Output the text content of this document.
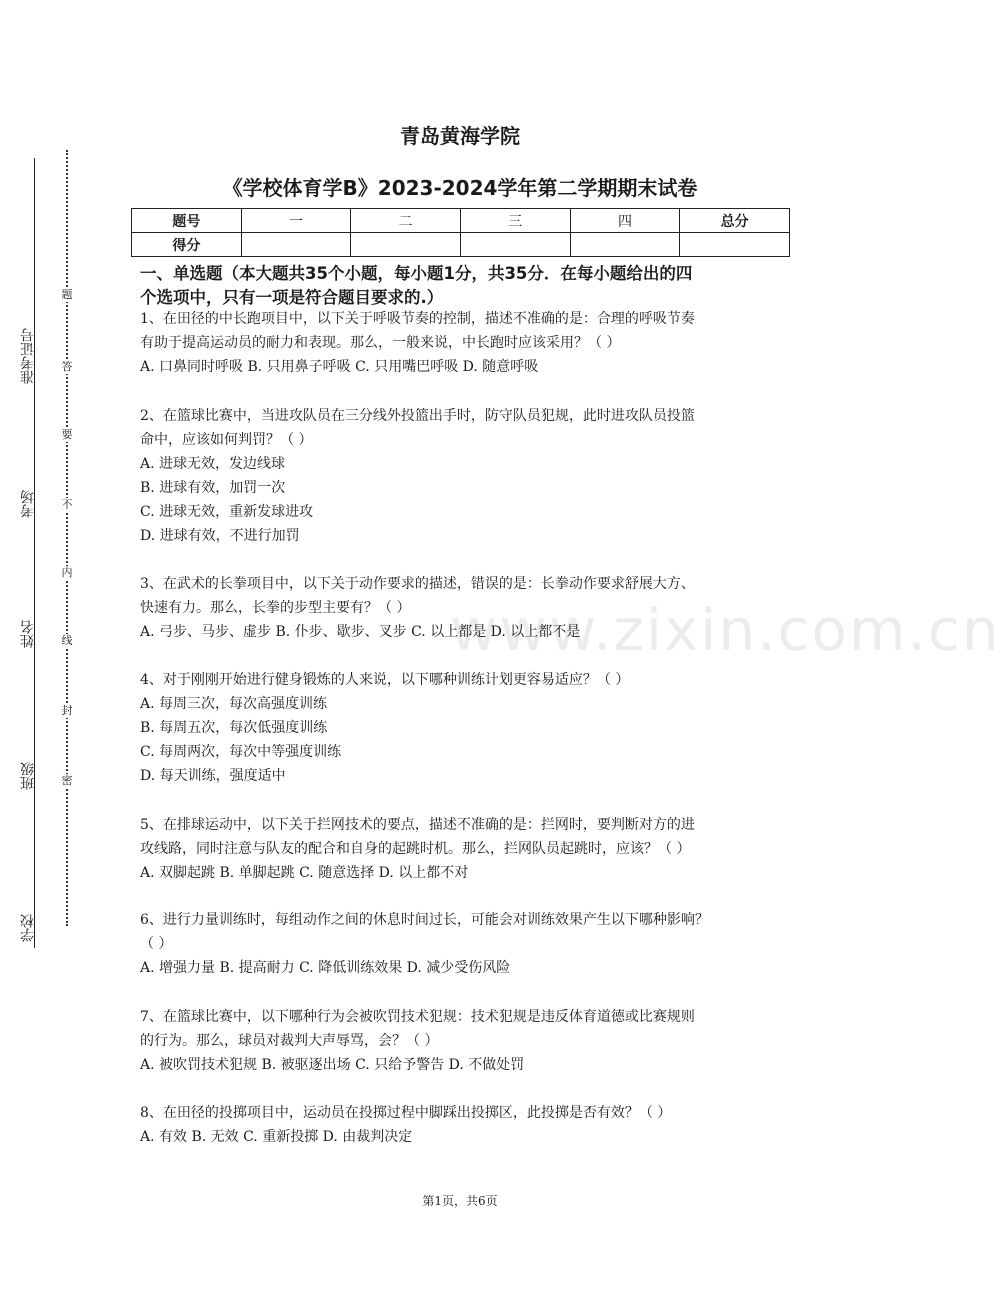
准考证号
考场
姓名
班级
学校
题
答
要
不
内
线
封
密
www.zixin.com.cn
青岛黄海学院
《学校体育学B》2023-2024学年第二学期期末试卷
题号	一	二	三	四	总分
得分					
一、单选题（本大题共35个小题，每小题1分，共35分．在每小题给出的四
个选项中，只有一项是符合题目要求的.）

1、在田径的中长跑项目中，以下关于呼吸节奏的控制，描述不准确的是：合理的呼吸节奏

有助于提高运动员的耐力和表现。那么，一般来说，中长跑时应该采用？（ ）

A. 口鼻同时呼吸 B. 只用鼻子呼吸 C. 只用嘴巴呼吸 D. 随意呼吸

2、在篮球比赛中，当进攻队员在三分线外投篮出手时，防守队员犯规，此时进攻队员投篮

命中，应该如何判罚？（ ）

A. 进球无效，发边线球

B. 进球有效，加罚一次

C. 进球无效，重新发球进攻

D. 进球有效，不进行加罚

3、在武术的长拳项目中，以下关于动作要求的描述，错误的是：长拳动作要求舒展大方、

快速有力。那么，长拳的步型主要有？（ ）

A. 弓步、马步、虚步 B. 仆步、歇步、叉步 C. 以上都是 D. 以上都不是

4、对于刚刚开始进行健身锻炼的人来说，以下哪种训练计划更容易适应？（ ）

A. 每周三次，每次高强度训练

B. 每周五次，每次低强度训练

C. 每周两次，每次中等强度训练

D. 每天训练，强度适中

5、在排球运动中，以下关于拦网技术的要点，描述不准确的是：拦网时，要判断对方的进

攻线路，同时注意与队友的配合和自身的起跳时机。那么，拦网队员起跳时，应该？（ ）

A. 双脚起跳 B. 单脚起跳 C. 随意选择 D. 以上都不对

6、进行力量训练时，每组动作之间的休息时间过长，可能会对训练效果产生以下哪种影响？

（ ）

A. 增强力量 B. 提高耐力 C. 降低训练效果 D. 减少受伤风险

7、在篮球比赛中，以下哪种行为会被吹罚技术犯规：技术犯规是违反体育道德或比赛规则

的行为。那么，球员对裁判大声辱骂，会？（ ）

A. 被吹罚技术犯规 B. 被驱逐出场 C. 只给予警告 D. 不做处罚

8、在田径的投掷项目中，运动员在投掷过程中脚踩出投掷区，此投掷是否有效？（ ）

A. 有效 B. 无效 C. 重新投掷 D. 由裁判决定

第1页，共6页
